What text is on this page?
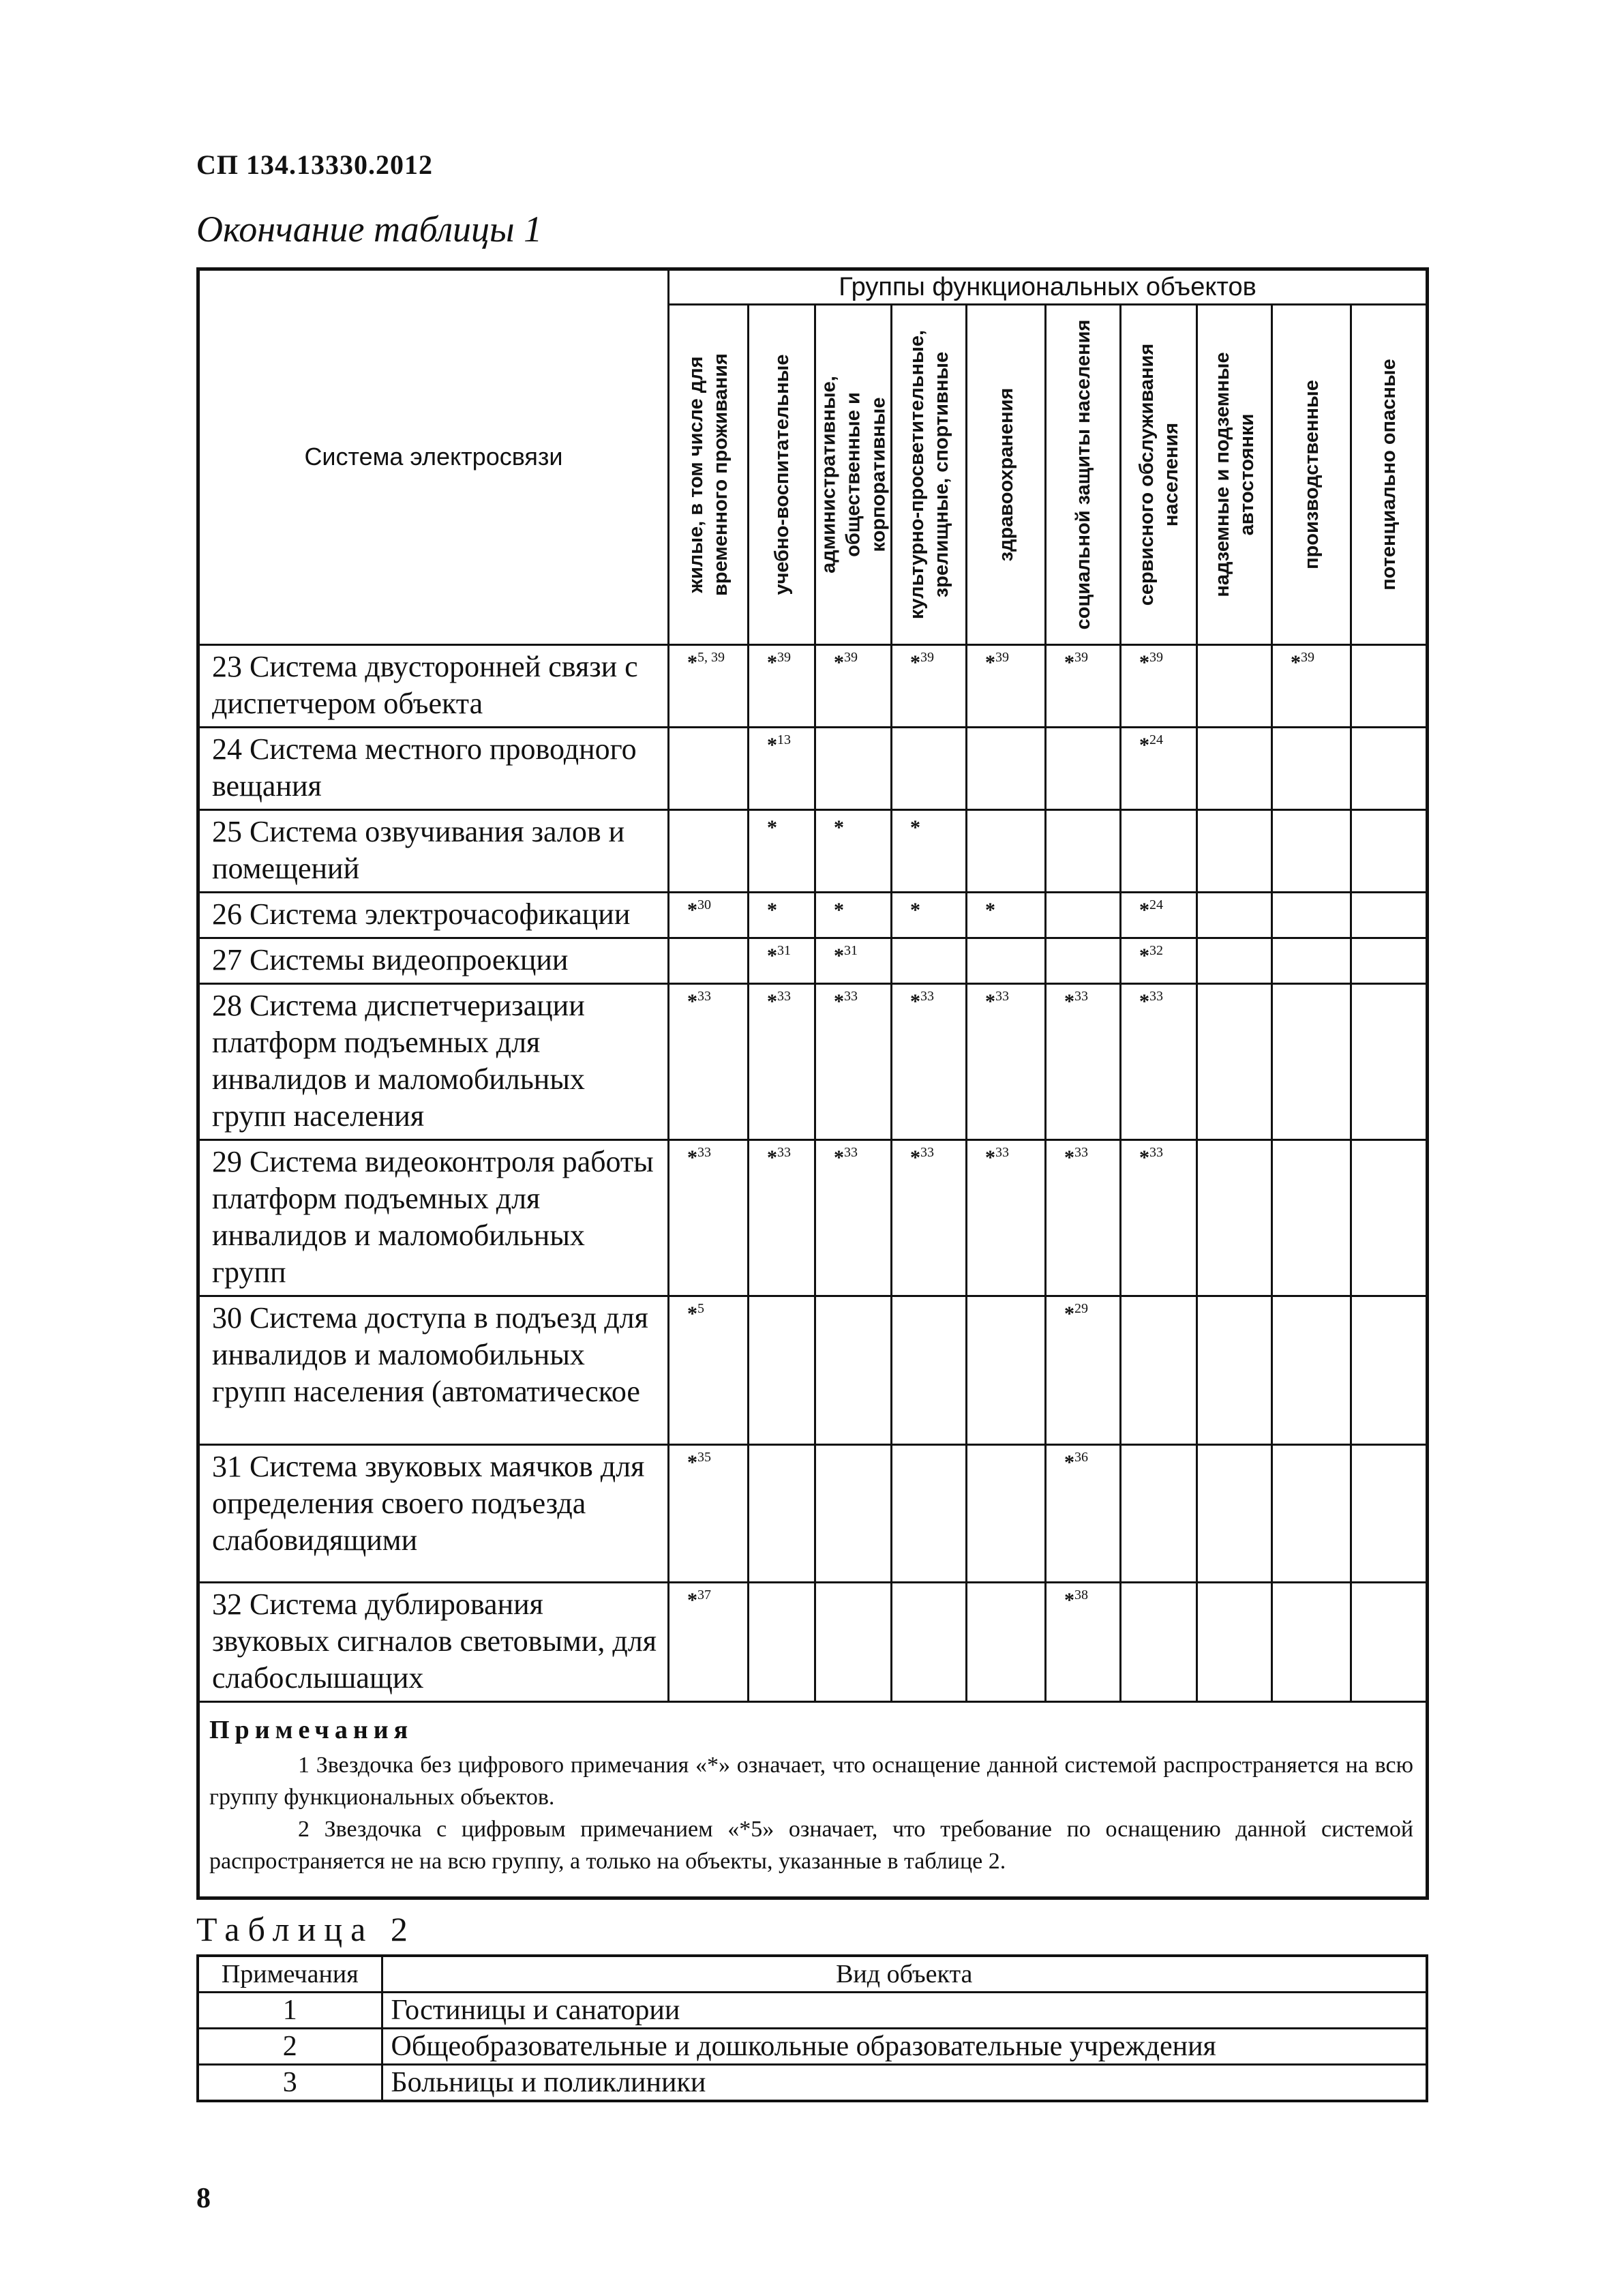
СП 134.13330.2012
Окончание таблицы 1
Система электросвязи	Группы функциональных объектов									

	жилые, в том числе для временного проживания	учебно-воспитательные	административные, общественные и корпоративные	культурно-просветительные, зрелищные, спортивные	здравоохранения	социальной защиты населения	сервисного обслуживания населения	надземные и подземные автостоянки	производственные	потенциально опасные

23 Система двусторонней связи с диспетчером объекта	*$^{5, 39}$	*$^{39}$	*$^{39}$	*$^{39}$	*$^{39}$	*$^{39}$	*$^{39}$		*$^{39}$	
24 Система местного проводного вещания		*$^{13}$					*$^{24}$			
25 Система озвучивания залов и помещений		*	*	*						
26 Система электрочасофикации	*$^{30}$	*	*	*	*		*$^{24}$			
27 Системы видеопроекции		*$^{31}$	*$^{31}$				*$^{32}$			
28 Система диспетчеризации платформ подъемных для инвалидов и маломобильных групп населения	*$^{33}$	*$^{33}$	*$^{33}$	*$^{33}$	*$^{33}$	*$^{33}$	*$^{33}$			
29 Система видеоконтроля работы платформ подъемных для инвалидов и маломобильных групп	*$^{33}$	*$^{33}$	*$^{33}$	*$^{33}$	*$^{33}$	*$^{33}$	*$^{33}$			
30 Система доступа в подъезд для инвалидов и маломобильных групп населения (автоматическое	*$^5$					*$^{29}$				
31 Система звуковых маячков для определения своего подъезда слабовидящими	*$^{35}$					*$^{36}$				
32 Система дублирования звуковых сигналов световыми, для слабослышащих	*$^{37}$					*$^{38}$				

Примечания
1 Звездочка без цифрового примечания «*» означает, что оснащение данной системой распространяется на всю группу функциональных объектов.
2 Звездочка с цифровым примечанием «*5» означает, что требование по оснащению данной системой распространяется не на всю группу, а только на объекты, указанные в таблице 2.										
Таблица 2
Примечания	Вид объекта
1	Гостиницы и санатории
2	Общеобразовательные и дошкольные образовательные учреждения
3	Больницы и поликлиники
8
